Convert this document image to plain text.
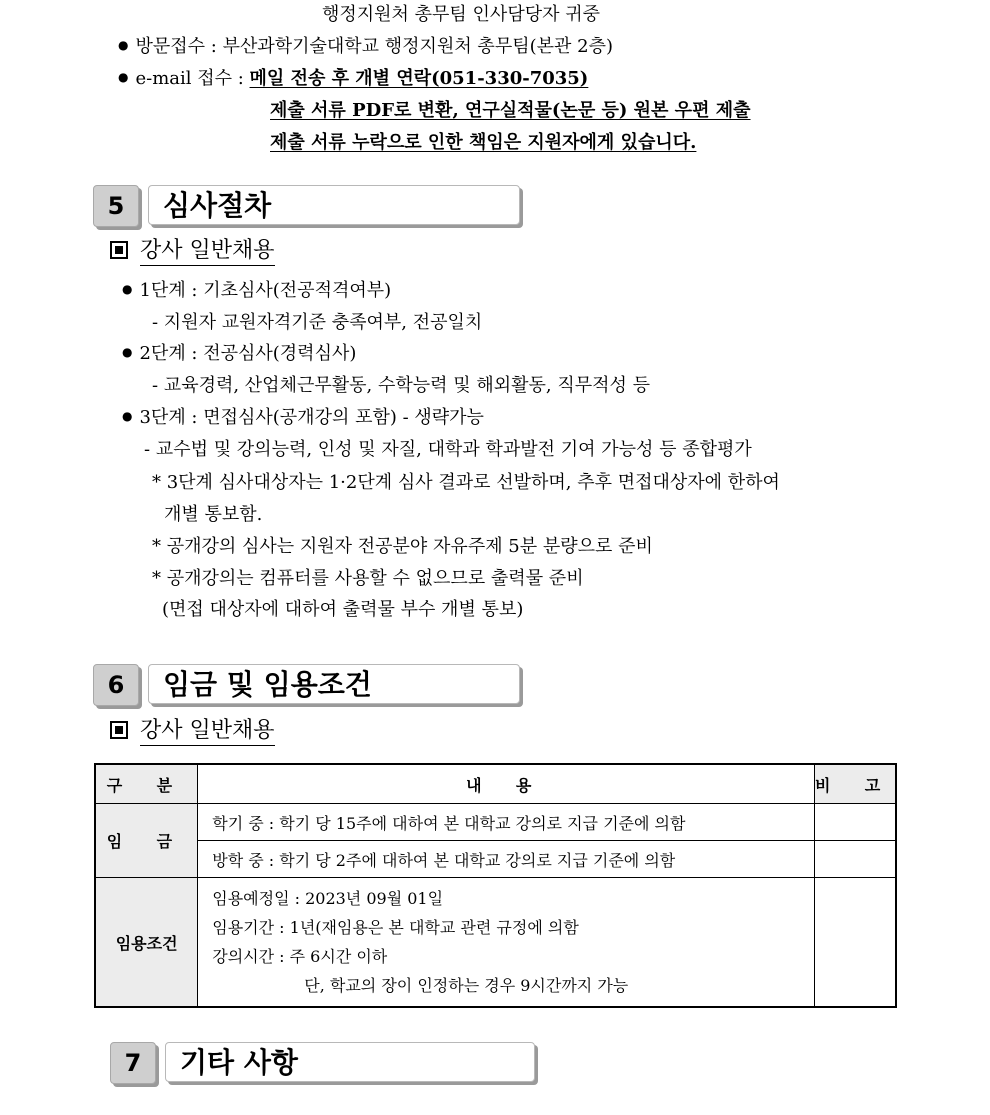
행정지원처 총무팀 인사담당자 귀중
● 방문접수 : 부산과학기술대학교 행정지원처 총무팀(본관 2층)
● e-mail 접수 : 메일 전송 후 개별 연락(051-330-7035)
제출 서류 PDF로 변환, 연구실적물(논문 등) 원본 우편 제출
제출 서류 누락으로 인한 책임은 지원자에게 있습니다.
5	심사절차
강사 일반채용
● 1단계 : 기초심사(전공적격여부)
- 지원자 교원자격기준 충족여부, 전공일치
● 2단계 : 전공심사(경력심사)
- 교육경력, 산업체근무활동, 수학능력 및 해외활동, 직무적성 등
● 3단계 : 면접심사(공개강의 포함) - 생략가능
- 교수법 및 강의능력, 인성 및 자질, 대학과 학과발전 기여 가능성 등 종합평가
* 3단계 심사대상자는 1·2단계 심사 결과로 선발하며, 추후 면접대상자에 한하여
개별 통보함.
* 공개강의 심사는 지원자 전공분야 자유주제 5분 분량으로 준비
* 공개강의는 컴퓨터를 사용할 수 없으므로 출력물 준비
(면접 대상자에 대하여 출력물 부수 개별 통보)
6	임금 및 임용조건
강사 일반채용
구 분	내 용	비 고
임 금	학기 중 : 학기 당 15주에 대하여 본 대학교 강의로 지급 기준에 의함	
	방학 중 : 학기 당 2주에 대하여 본 대학교 강의로 지급 기준에 의함	
임용조건	임용예정일 : 2023년 09월 01일
임용기간 : 1년(재임용은 본 대학교 관련 규정에 의함
강의시간 : 주 6시간 이하
단, 학교의 장이 인정하는 경우 9시간까지 가능	

7	기타 사항
